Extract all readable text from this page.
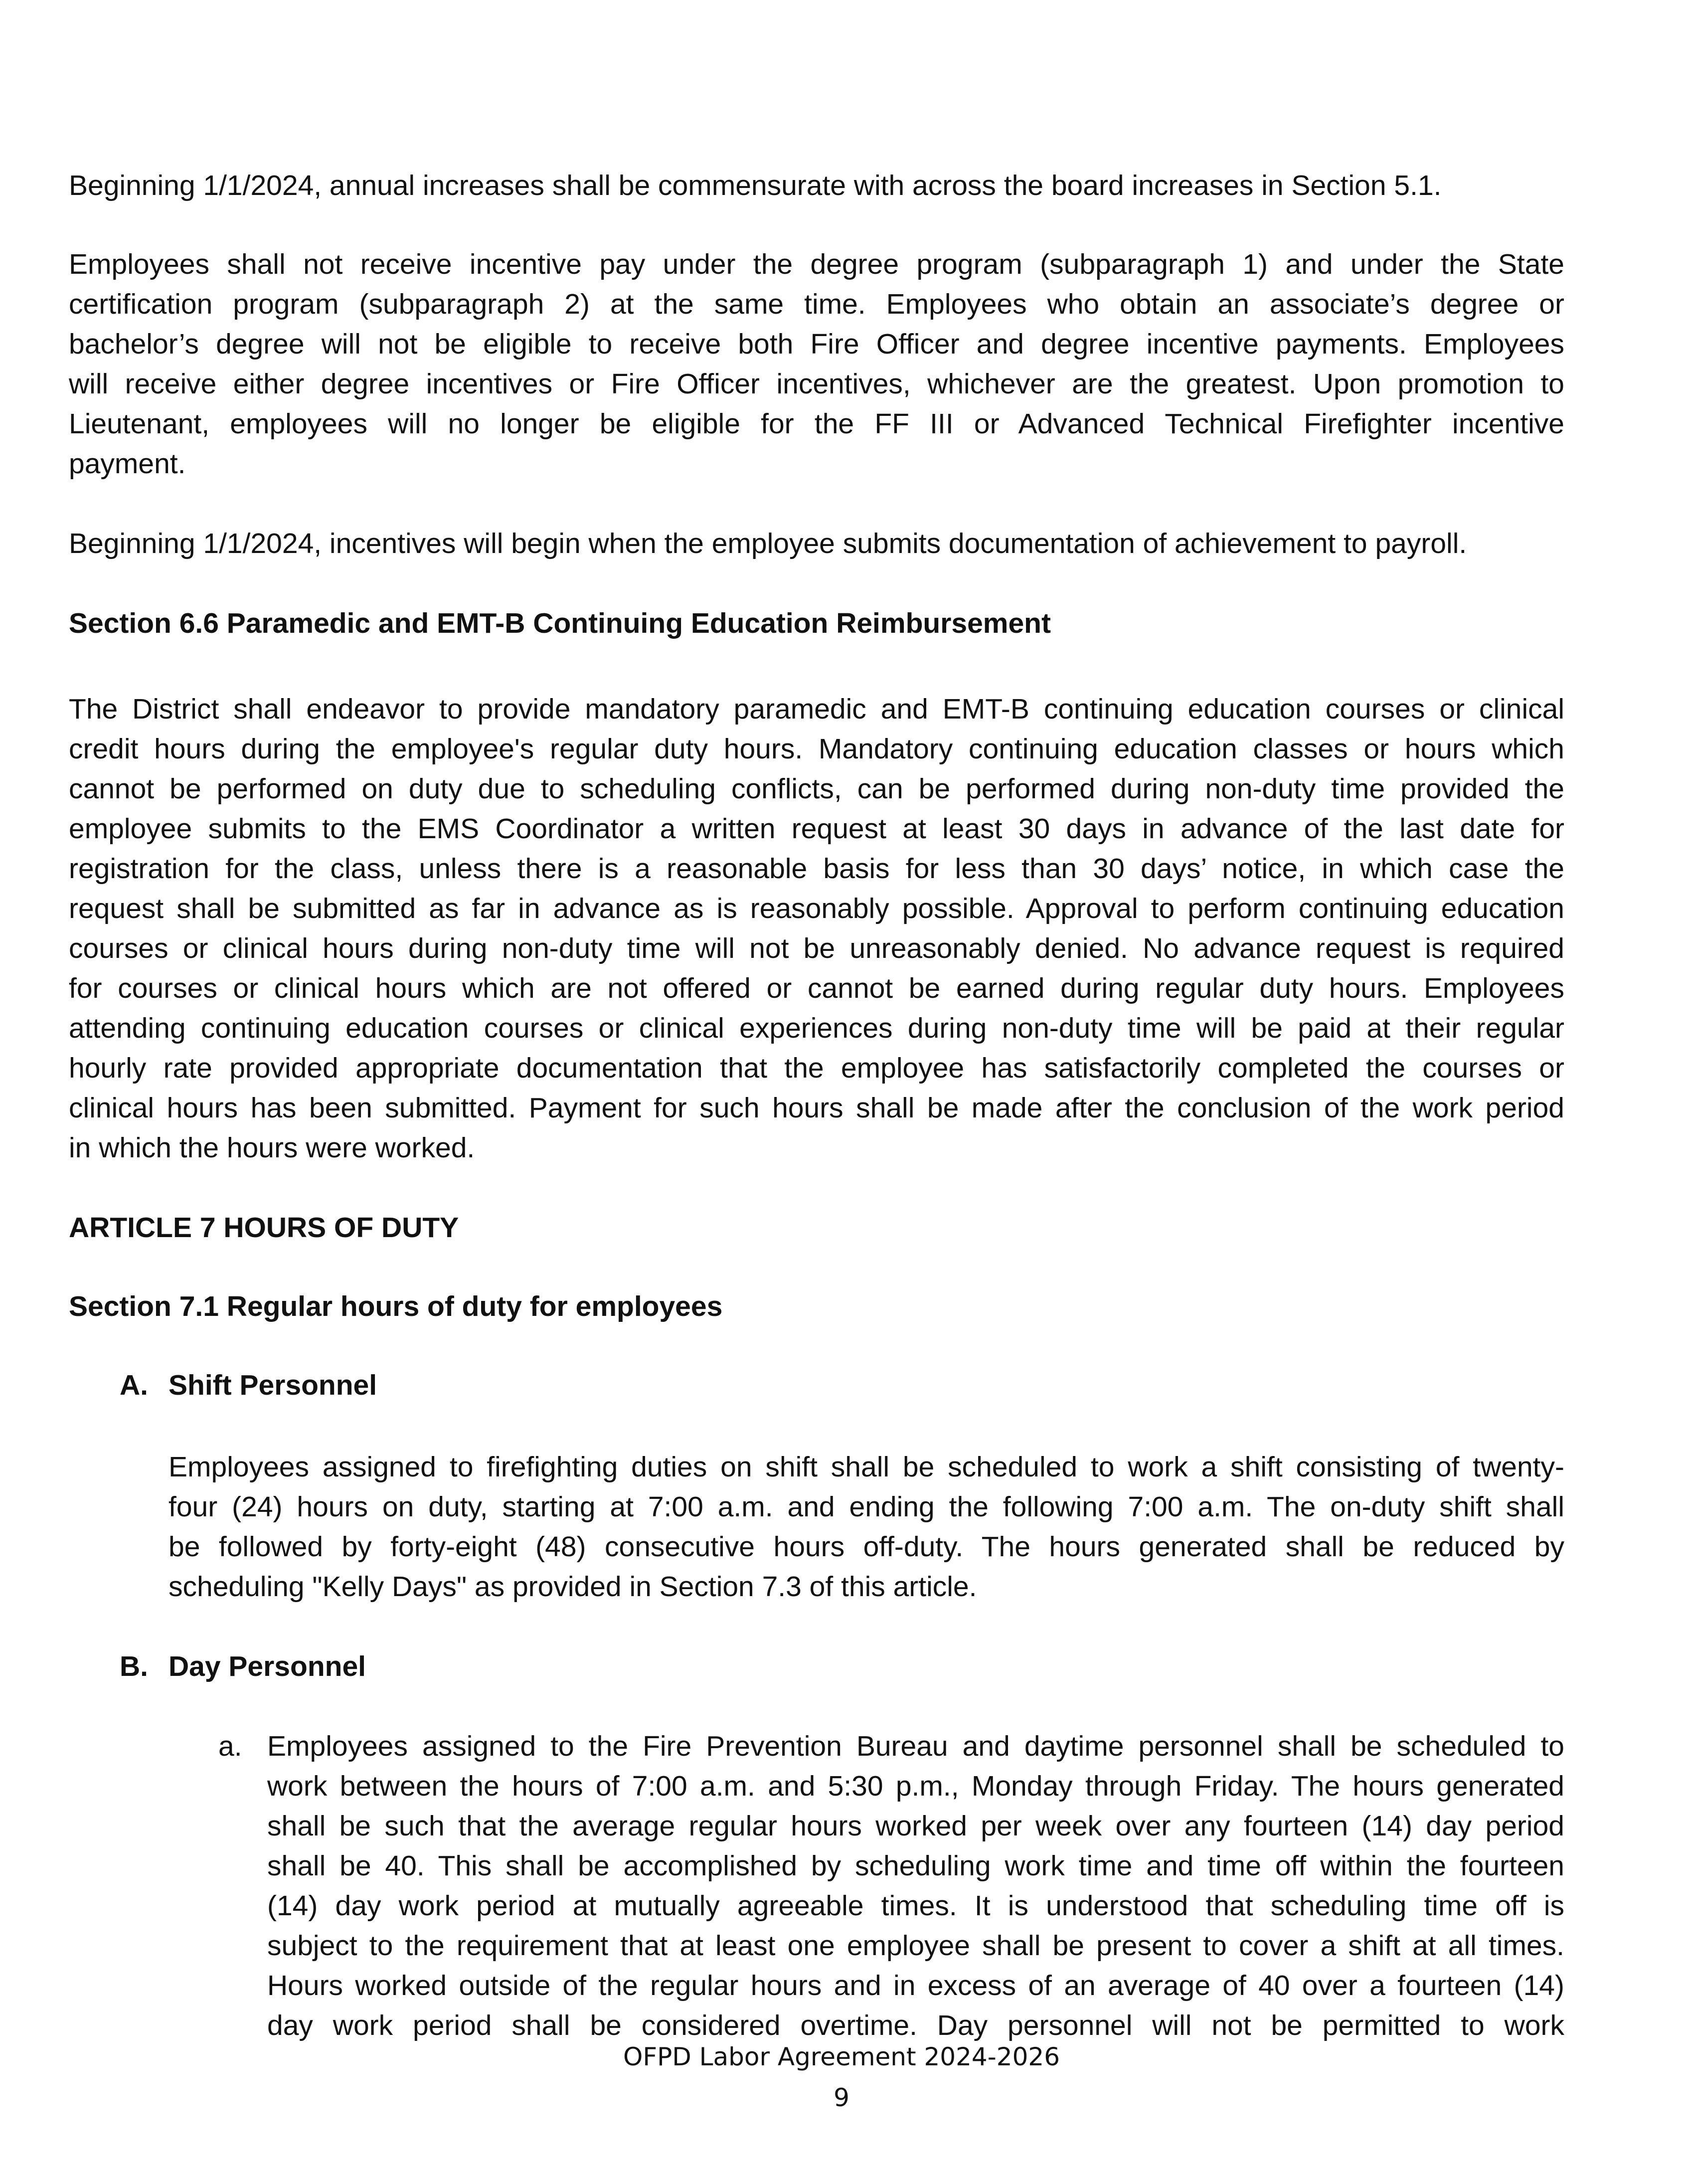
Beginning 1/1/2024, annual increases shall be commensurate with across the board increases in Section 5.1.

Employees shall not receive incentive pay under the degree program (subparagraph 1) and under the State

certification program (subparagraph 2) at the same time. Employees who obtain an associate’s degree or

bachelor’s degree will not be eligible to receive both Fire Officer and degree incentive payments. Employees

will receive either degree incentives or Fire Officer incentives, whichever are the greatest. Upon promotion to

Lieutenant, employees will no longer be eligible for the FF III or Advanced Technical Firefighter incentive

payment.

Beginning 1/1/2024, incentives will begin when the employee submits documentation of achievement to payroll.

Section 6.6 Paramedic and EMT-B Continuing Education Reimbursement

The District shall endeavor to provide mandatory paramedic and EMT-B continuing education courses or clinical

credit hours during the employee's regular duty hours. Mandatory continuing education classes or hours which

cannot be performed on duty due to scheduling conflicts, can be performed during non-duty time provided the

employee submits to the EMS Coordinator a written request at least 30 days in advance of the last date for

registration for the class, unless there is a reasonable basis for less than 30 days’ notice, in which case the

request shall be submitted as far in advance as is reasonably possible. Approval to perform continuing education

courses or clinical hours during non-duty time will not be unreasonably denied. No advance request is required

for courses or clinical hours which are not offered or cannot be earned during regular duty hours. Employees

attending continuing education courses or clinical experiences during non-duty time will be paid at their regular

hourly rate provided appropriate documentation that the employee has satisfactorily completed the courses or

clinical hours has been submitted. Payment for such hours shall be made after the conclusion of the work period

in which the hours were worked.

ARTICLE 7 HOURS OF DUTY

Section 7.1 Regular hours of duty for employees

A. Shift Personnel

Employees assigned to firefighting duties on shift shall be scheduled to work a shift consisting of twenty-

four (24) hours on duty, starting at 7:00 a.m. and ending the following 7:00 a.m. The on-duty shift shall

be followed by forty-eight (48) consecutive hours off-duty. The hours generated shall be reduced by

scheduling "Kelly Days" as provided in Section 7.3 of this article.

B. Day Personnel

a. Employees assigned to the Fire Prevention Bureau and daytime personnel shall be scheduled to

work between the hours of 7:00 a.m. and 5:30 p.m., Monday through Friday. The hours generated

shall be such that the average regular hours worked per week over any fourteen (14) day period

shall be 40. This shall be accomplished by scheduling work time and time off within the fourteen

(14) day work period at mutually agreeable times. It is understood that scheduling time off is

subject to the requirement that at least one employee shall be present to cover a shift at all times.

Hours worked outside of the regular hours and in excess of an average of 40 over a fourteen (14)

day work period shall be considered overtime. Day personnel will not be permitted to work

OFPD Labor Agreement 2024-2026
9
